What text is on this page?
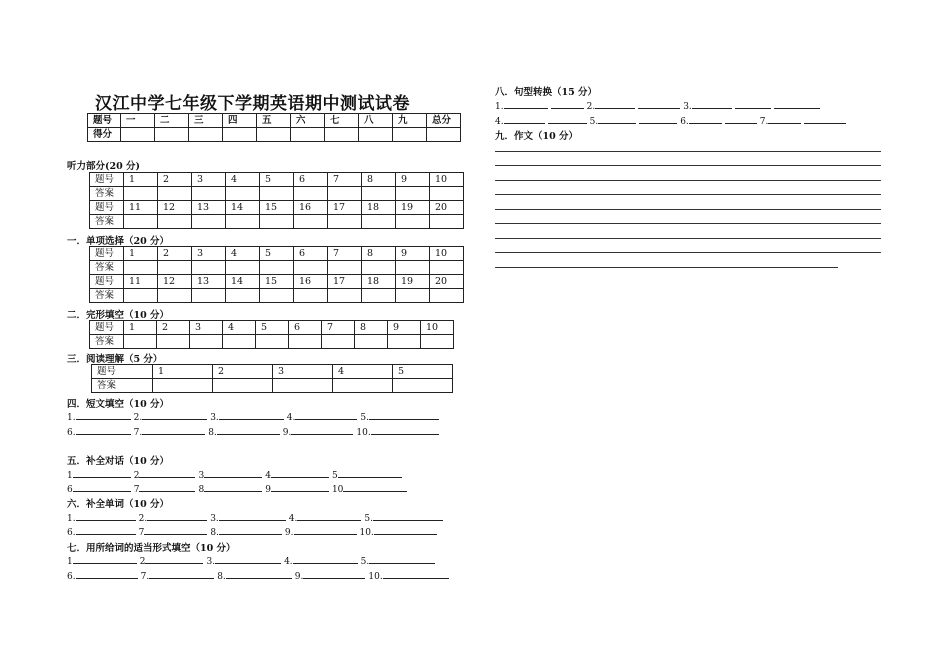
汉江中学七年级下学期英语期中测试试卷
题号	一	二	三	四	五	六	七	八	九	总分
得分										
听力部分(20 分)
题号	1	2	3	4	5	6	7	8	9	10
答案										
题号	11	12	13	14	15	16	17	18	19	20
答案										
一．单项选择（20 分）
题号	1	2	3	4	5	6	7	8	9	10
答案										
题号	11	12	13	14	15	16	17	18	19	20
答案										
二．完形填空（10 分）
题号	1	2	3	4	5	6	7	8	9	10
答案										
三．阅读理解（5 分）
题号	1	2	3	4	5
答案					
四．短文填空（10 分）
1.	2.	3.	4.	5.
6.	7.	8.	9.	10.
五．补全对话（10 分）
1	2	3	4	5
6	7	8	9	10
六．补全单词（10 分）
1.	2.	3.	4.	5.
6.	7	8.	9.	10.
七．用所给词的适当形式填空（10 分）
1	2	3.	4.	5.
6.	7.	8.	9.	10.
八．句型转换（15 分）
1.	2.	3.
4.	5.	6.	7.
九．作文（10 分）
